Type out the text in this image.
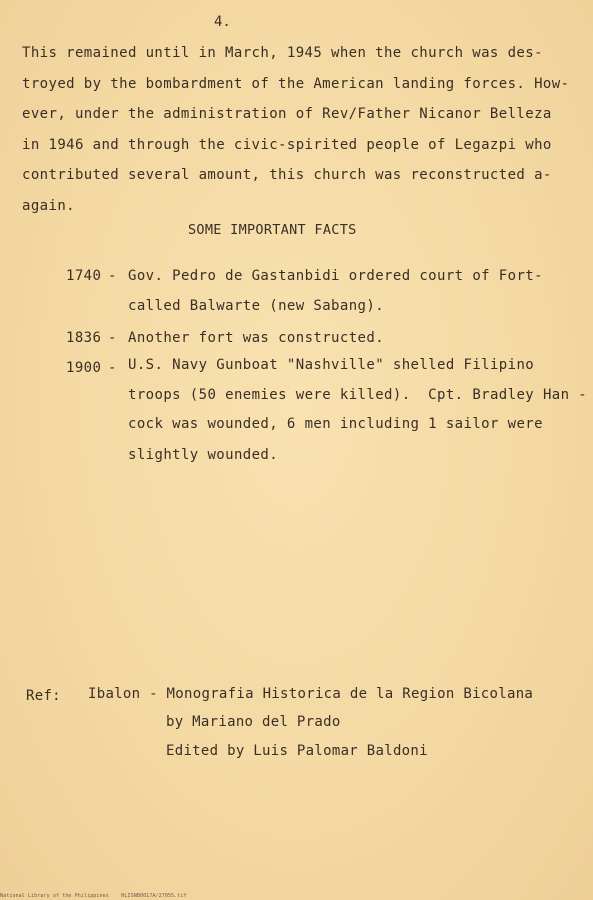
4.
This remained until in March, 1945 when the church was des-
troyed by the bombardment of the American landing forces. How-
ever, under the administration of Rev/Father Nicanor Belleza
in 1946 and through the civic-spirited people of Legazpi who
contributed several amount, this church was reconstructed a-
again.
SOME IMPORTANT FACTS
1740 - Gov. Pedro de Gastanbidi ordered court of Fort-
called Balwarte (new Sabang).
1836 - Another fort was constructed.
1900 - U.S. Navy Gunboat "Nashville" shelled Filipino
troops (50 enemies were killed).  Cpt. Bradley Han -
cock was wounded, 6 men including 1 sailor were
slightly wounded.
Ref: Ibalon - Monografia Historica de la Region Bicolana
by Mariano del Prado
Edited by Luis Palomar Baldoni
National Library of the Philippines    HLISNB0017A/27055.tif
